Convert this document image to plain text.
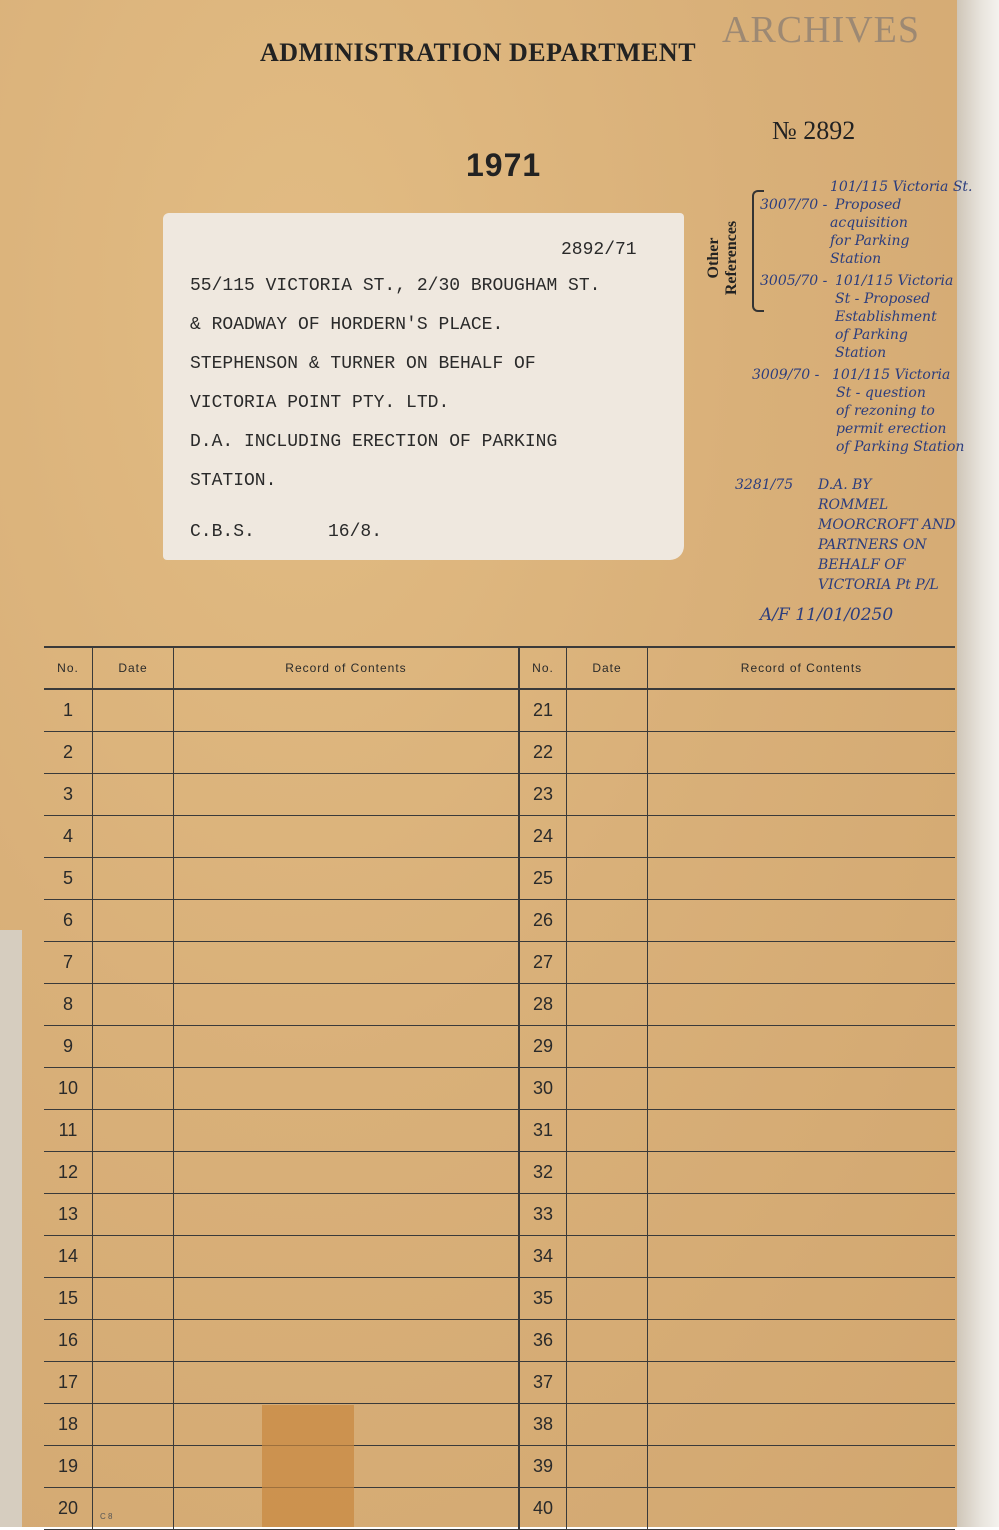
ADMINISTRATION DEPARTMENT
ARCHIVES
№ 2892
1971
2892/71
55/115 VICTORIA ST., 2/30 BROUGHAM ST.
& ROADWAY OF HORDERN'S PLACE.
STEPHENSON & TURNER ON BEHALF OF
VICTORIA POINT PTY. LTD.
D.A. INCLUDING ERECTION OF PARKING
STATION.
C.B.S.	16/8.
Other References
101/115 Victoria St.
3007/70 - Proposed
acquisition
for Parking
Station
3005/70 - 101/115 Victoria
St - Proposed
Establishment
of Parking
Station
3009/70 - 101/115 Victoria
St - question
of rezoning to
permit erection
of Parking Station
3281/75 D.A. BY
ROMMEL
MOORCROFT AND
PARTNERS ON
BEHALF OF
VICTORIA Pt P/L
A/F 11/01/0250
No.	Date	Record of Contents	No.	Date	Record of Contents
1			21		
2			22		
3			23		
4			24		
5			25		
6			26		
7			27		
8			28		
9			29		
10			30		
11			31		
12			32		
13			33		
14			34		
15			35		
16			36		
17			37		
18			38		
19			39		
20			40		
C 8
